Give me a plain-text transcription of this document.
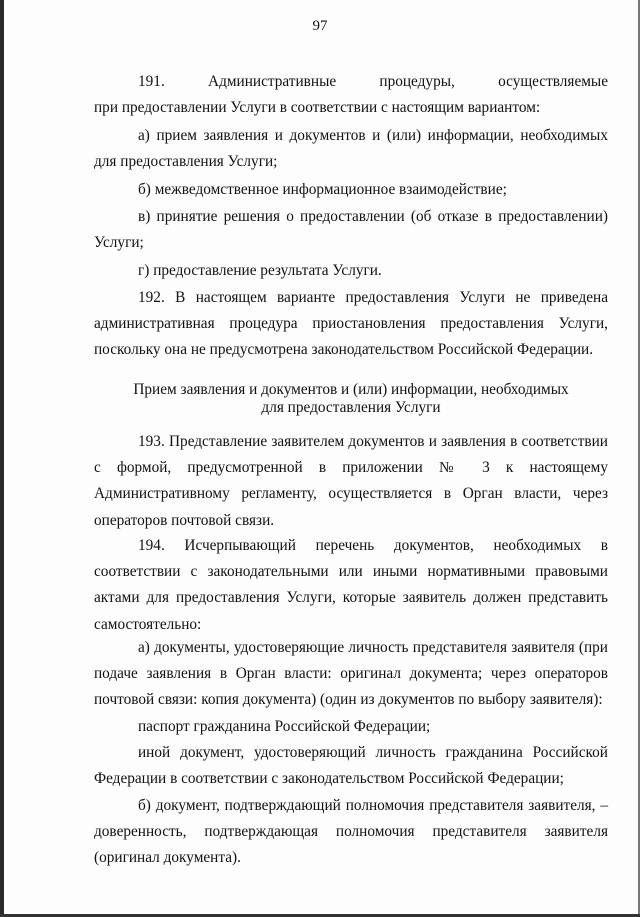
97

191. Административные процедуры, осуществляемые

при предоставлении Услуги в соответствии с настоящим вариантом:

а) прием заявления и документов и (или) информации, необходимых для предоставления Услуги;

б) межведомственное информационное взаимодействие;

в) принятие решения о предоставлении (об отказе в предоставлении) Услуги;

г) предоставление результата Услуги.

192. В настоящем варианте предоставления Услуги не приведена административная процедура приостановления предоставления Услуги, поскольку она не предусмотрена законодательством Российской Федерации.

Прием заявления и документов и (или) информации, необходимых

для предоставления Услуги

193. Представление заявителем документов и заявления в соответствии с формой, предусмотренной в приложении № 3 к настоящему Административному регламенту, осуществляется в Орган власти, через операторов почтовой связи.

194. Исчерпывающий перечень документов, необходимых в соответствии с законодательными или иными нормативными правовыми актами для предоставления Услуги, которые заявитель должен представить самостоятельно:

а) документы, удостоверяющие личность представителя заявителя (при подаче заявления в Орган власти: оригинал документа; через операторов почтовой связи: копия документа) (один из документов по выбору заявителя):

паспорт гражданина Российской Федерации;

иной документ, удостоверяющий личность гражданина Российской Федерации в соответствии с законодательством Российской Федерации;

б) документ, подтверждающий полномочия представителя заявителя, – доверенность, подтверждающая полномочия представителя заявителя (оригинал документа).
